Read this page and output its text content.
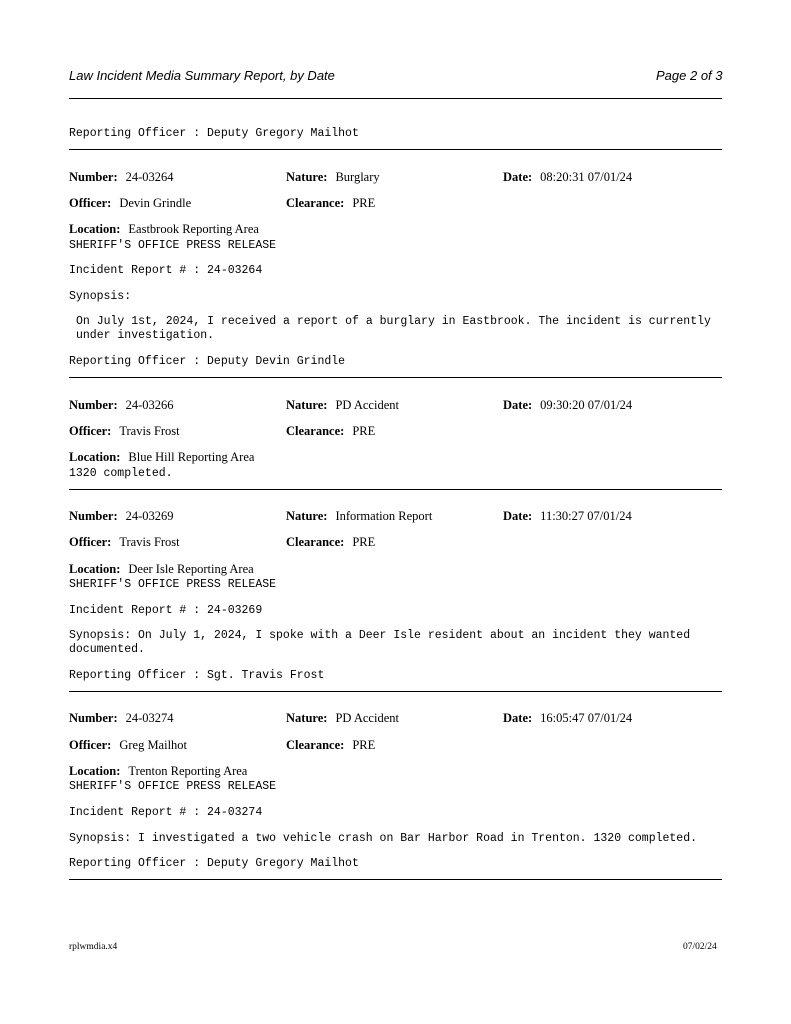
Law Incident Media Summary Report, by Date	Page 2 of 3
Reporting Officer : Deputy Gregory Mailhot
Number: 24-03264	Nature: Burglary	Date: 08:20:31 07/01/24
Officer: Devin Grindle	Clearance: PRE
Location: Eastbrook Reporting Area
SHERIFF'S OFFICE PRESS RELEASE
Incident Report # : 24-03264
Synopsis:
On July 1st, 2024, I received a report of a burglary in Eastbrook. The incident is currently under investigation.
Reporting Officer : Deputy Devin Grindle
Number: 24-03266	Nature: PD Accident	Date: 09:30:20 07/01/24
Officer: Travis Frost	Clearance: PRE
Location: Blue Hill Reporting Area
1320 completed.
Number: 24-03269	Nature: Information Report	Date: 11:30:27 07/01/24
Officer: Travis Frost	Clearance: PRE
Location: Deer Isle Reporting Area
SHERIFF'S OFFICE PRESS RELEASE
Incident Report # : 24-03269
Synopsis: On July 1, 2024, I spoke with a Deer Isle resident about an incident they wanted documented.
Reporting Officer : Sgt. Travis Frost
Number: 24-03274	Nature: PD Accident	Date: 16:05:47 07/01/24
Officer: Greg Mailhot	Clearance: PRE
Location: Trenton Reporting Area
SHERIFF'S OFFICE PRESS RELEASE
Incident Report # : 24-03274
Synopsis: I investigated a two vehicle crash on Bar Harbor Road in Trenton. 1320 completed.
Reporting Officer : Deputy Gregory Mailhot
rplwmdia.x4	07/02/24
